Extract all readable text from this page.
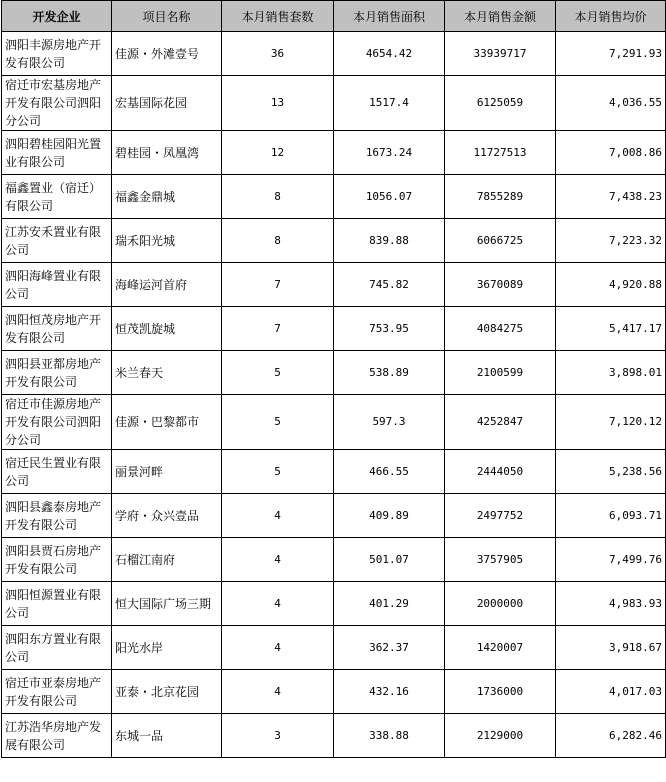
开发企业	项目名称	本月销售套数	本月销售面积	本月销售金额	本月销售均价
泗阳丰源房地产开发有限公司	佳源・外滩壹号	36	4654.42	33939717	7,291.93
宿迁市宏基房地产开发有限公司泗阳分公司	宏基国际花园	13	1517.4	6125059	4,036.55
泗阳碧桂园阳光置业有限公司	碧桂园・凤凰湾	12	1673.24	11727513	7,008.86
福鑫置业（宿迁）有限公司	福鑫金鼎城	8	1056.07	7855289	7,438.23
江苏安禾置业有限公司	瑞禾阳光城	8	839.88	6066725	7,223.32
泗阳海峰置业有限公司	海峰运河首府	7	745.82	3670089	4,920.88
泗阳恒茂房地产开发有限公司	恒茂凯旋城	7	753.95	4084275	5,417.17
泗阳县亚都房地产开发有限公司	米兰春天	5	538.89	2100599	3,898.01
宿迁市佳源房地产开发有限公司泗阳分公司	佳源・巴黎都市	5	597.3	4252847	7,120.12
宿迁民生置业有限公司	丽景河畔	5	466.55	2444050	5,238.56
泗阳县鑫泰房地产开发有限公司	学府・众兴壹品	4	409.89	2497752	6,093.71
泗阳县贾石房地产开发有限公司	石榴江南府	4	501.07	3757905	7,499.76
泗阳恒源置业有限公司	恒大国际广场三期	4	401.29	2000000	4,983.93
泗阳东方置业有限公司	阳光水岸	4	362.37	1420007	3,918.67
宿迁市亚泰房地产开发有限公司	亚泰・北京花园	4	432.16	1736000	4,017.03
江苏浩华房地产发展有限公司	东城一品	3	338.88	2129000	6,282.46
